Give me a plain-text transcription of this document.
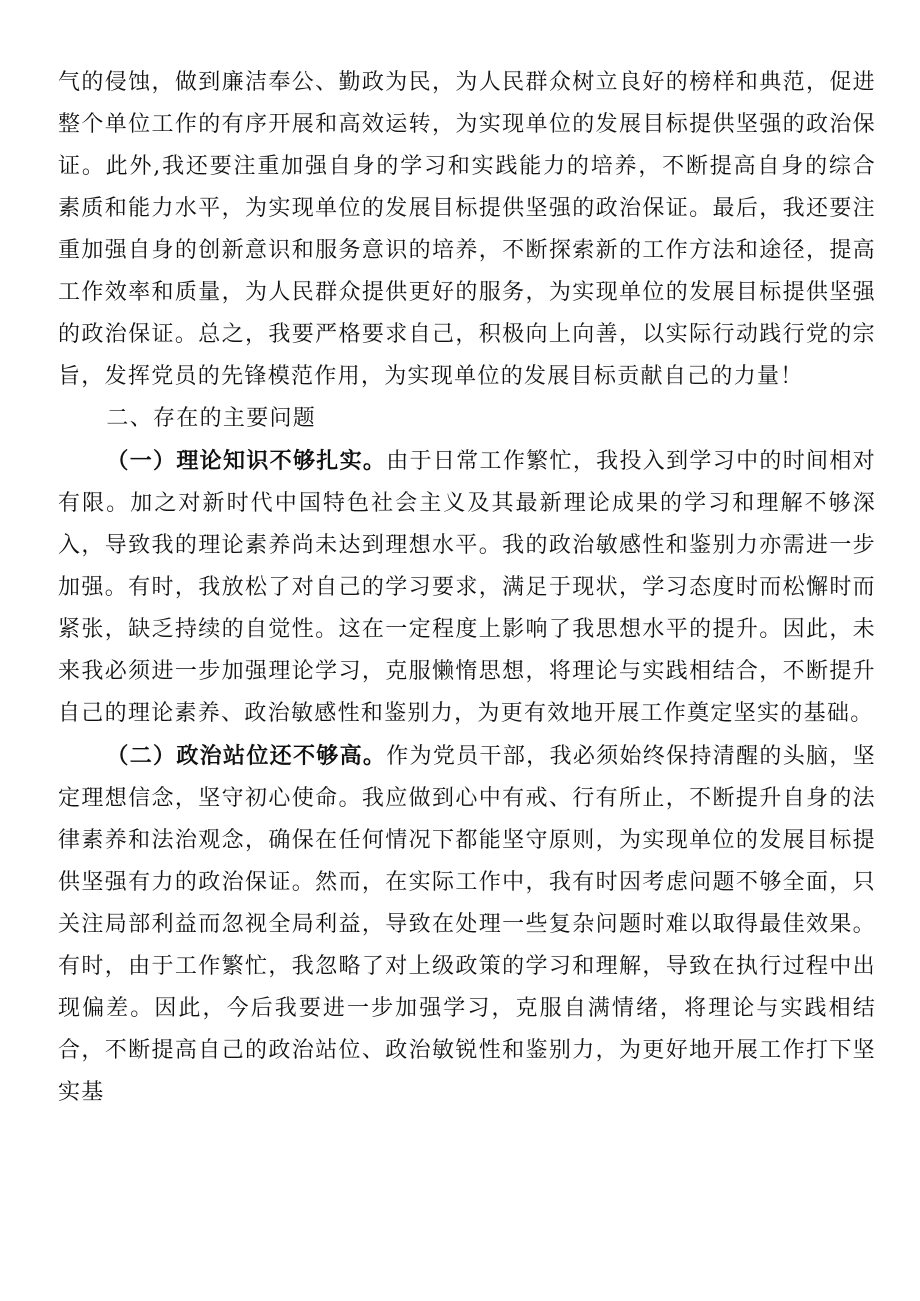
气的侵蚀，做到廉洁奉公、勤政为民，为人民群众树立良好的榜样和典范，促进整个单位工作的有序开展和高效运转，为实现单位的发展目标提供坚强的政治保证。此外,我还要注重加强自身的学习和实践能力的培养，不断提高自身的综合素质和能力水平，为实现单位的发展目标提供坚强的政治保证。最后，我还要注重加强自身的创新意识和服务意识的培养，不断探索新的工作方法和途径，提高工作效率和质量，为人民群众提供更好的服务，为实现单位的发展目标提供坚强的政治保证。总之，我要严格要求自己，积极向上向善，以实际行动践行党的宗旨，发挥党员的先锋模范作用，为实现单位的发展目标贡献自己的力量！

二、存在的主要问题

（一）理论知识不够扎实。由于日常工作繁忙，我投入到学习中的时间相对有限。加之对新时代中国特色社会主义及其最新理论成果的学习和理解不够深入，导致我的理论素养尚未达到理想水平。我的政治敏感性和鉴别力亦需进一步加强。有时，我放松了对自己的学习要求，满足于现状，学习态度时而松懈时而紧张，缺乏持续的自觉性。这在一定程度上影响了我思想水平的提升。因此，未来我必须进一步加强理论学习，克服懒惰思想，将理论与实践相结合，不断提升自己的理论素养、政治敏感性和鉴别力，为更有效地开展工作奠定坚实的基础。

（二）政治站位还不够高。作为党员干部，我必须始终保持清醒的头脑，坚定理想信念，坚守初心使命。我应做到心中有戒、行有所止，不断提升自身的法律素养和法治观念，确保在任何情况下都能坚守原则，为实现单位的发展目标提供坚强有力的政治保证。然而，在实际工作中，我有时因考虑问题不够全面，只关注局部利益而忽视全局利益，导致在处理一些复杂问题时难以取得最佳效果。有时，由于工作繁忙，我忽略了对上级政策的学习和理解，导致在执行过程中出现偏差。因此，今后我要进一步加强学习，克服自满情绪，将理论与实践相结合，不断提高自己的政治站位、政治敏锐性和鉴别力，为更好地开展工作打下坚实基
